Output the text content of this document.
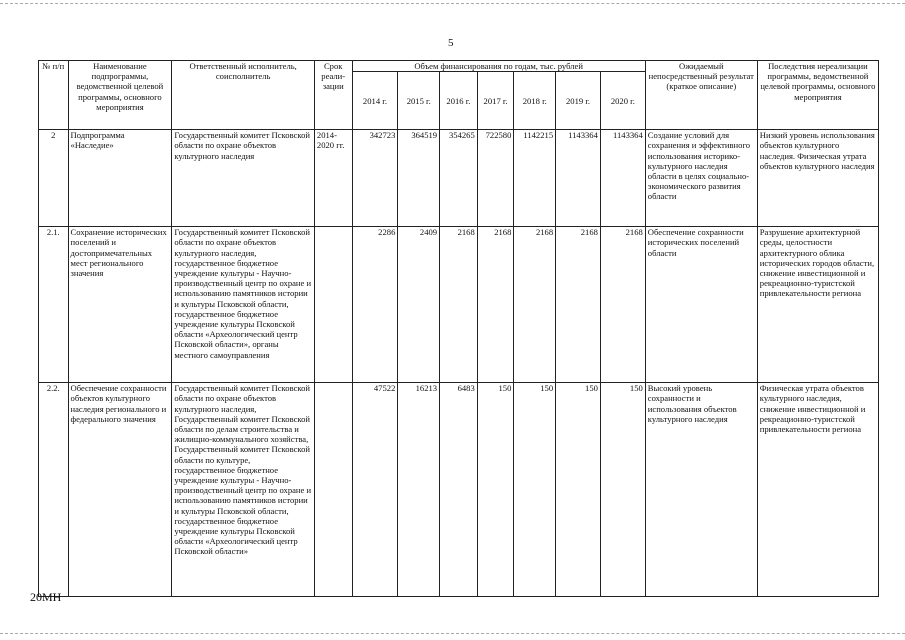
5
№ п/п	Наименование подпрограммы, ведомственной целевой программы, основного мероприятия	Ответственный исполнитель, соисполнитель	Срок реали- зации	Объем финансирования по годам, тыс. рублей							Ожидаемый непосредственный результат (краткое описание)	Последствия нереализации программы, ведомственной целевой программы, основного мероприятия
				2014 г.	2015 г.	2016 г.	2017 г.	2018 г.	2019 г.	2020 г.		
2	Подпрограмма «Наследие»	Государственный комитет Псковской области по охране объектов культурного наследия	2014- 2020 гг.	342723	364519	354265	722580	1142215	1143364	1143364	Создание условий для сохранения и эффективного использования историко-культурного наследия области в целях социально-экономического развития области	Низкий уровень использования объектов культурного наследия. Физическая утрата объектов культурного наследия
2.1.	Сохранение исторических поселений и достопримечательных мест регионального значения	Государственный комитет Псковской области по охране объектов культурного наследия, государственное бюджетное учреждение культуры - Научно-производственный центр по охране и использованию памятников истории и культуры Псковской области, государственное бюджетное учреждение культуры Псковской области «Археологический центр Псковской области», органы местного самоуправления		2286	2409	2168	2168	2168	2168	2168	Обеспечение сохранности исторических поселений области	Разрушение архитектурной среды, целостности архитектурного облика исторических городов области, снижение инвестиционной и рекреационно-туристской привлекательности региона
2.2.	Обеспечение сохранности объектов культурного наследия регионального и федерального значения	Государственный комитет Псковской области по охране объектов культурного наследия, Государственный комитет Псковской области по делам строительства и жилищно-коммунального хозяйства, Государственный комитет Псковской области по культуре, государственное бюджетное учреждение культуры - Научно-производственный центр по охране и использованию памятников истории и культуры Псковской области, государственное бюджетное учреждение культуры Псковской области «Археологический центр Псковской области»		47522	16213	6483	150	150	150	150	Высокий уровень сохранности и использования объектов культурного наследия	Физическая утрата объектов культурного наследия, снижение инвестиционной и рекреационно-туристской привлекательности региона
20МН
